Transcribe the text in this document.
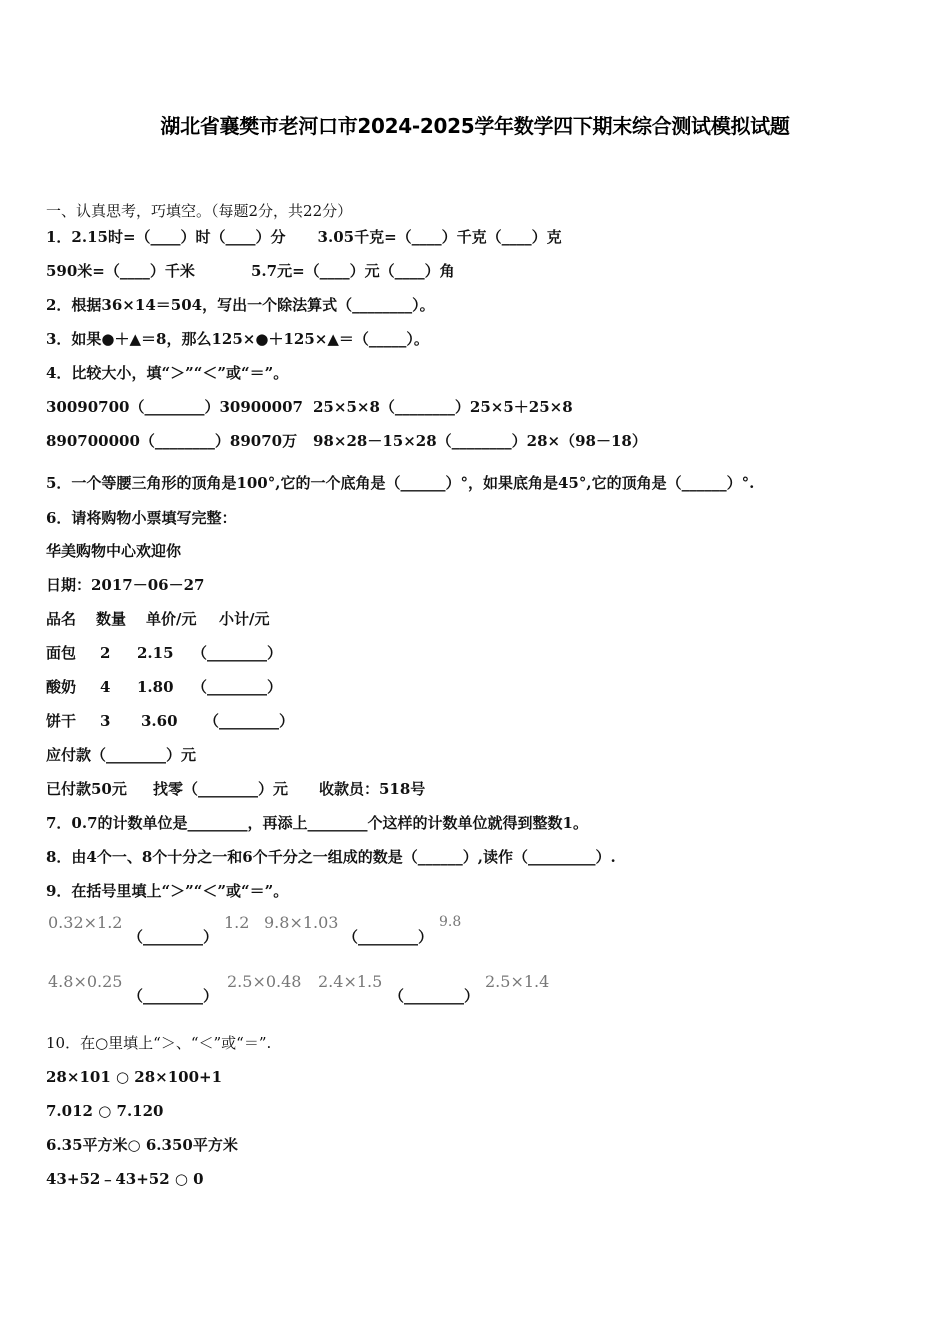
湖北省襄樊市老河口市2024-2025学年数学四下期末综合测试模拟试题
一、认真思考，巧填空。（每题2分，共22分）
1．2.15时=（____）时（____）分 3.05千克=（____）千克（____）克
590米=（____）千米	5.7元=（____）元（____）角
2．根据36×14＝504，写出一个除法算式（________）。
3．如果●＋▲＝8，那么125×●＋125×▲＝（_____）。
4．比较大小，填“＞”“＜”或“＝”。
30090700（________）30900007 25×5×8（________）25×5＋25×8
890700000（________）89070万 98×28－15×28（________）28×（98－18）
5．一个等腰三角形的顶角是100°,它的一个底角是（______）°，如果底角是45°,它的顶角是（______）°.
6．请将购物小票填写完整：
华美购物中心欢迎你
日期：2017－06－27
品名 数量 单价/元 小计/元
面包 2 2.15 （________）
酸奶 4 1.80 （________）
饼干 3 3.60 （________）
应付款（________）元
已付款50元 找零（________）元 收款员：518号
7．0.7的计数单位是________，再添上________个这样的计数单位就得到整数1。
8．由4个一、8个十分之一和6个千分之一组成的数是（______）,读作（_________）.
9．在括号里填上“＞”“＜”或“＝”。
0.32×1.2
（________）
1.2 9.8×1.03
（________）
9.8
4.8×0.25
（________）
2.5×0.48 2.4×1.5
（________）
2.5×1.4
10．在○里填上“＞、“＜”或“＝”.
28×101 ○ 28×100+1
7.012 ○ 7.120
6.35平方米○ 6.350平方米
43+52﹣43+52 ○ 0
